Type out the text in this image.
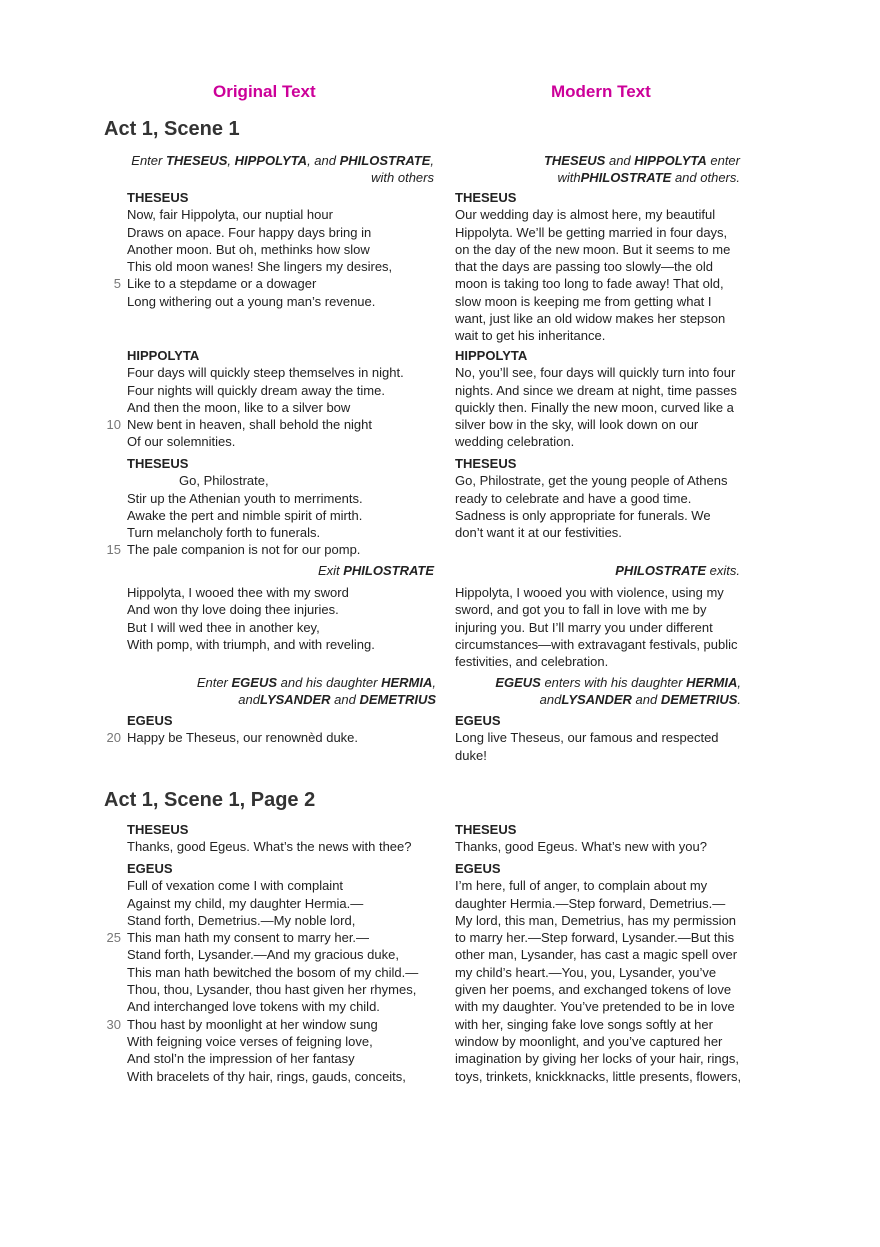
Original Text	Modern Text
Act 1, Scene 1
Enter THESEUS, HIPPOLYTA, and PHILOSTRATE,
with others
THESEUS and HIPPOLYTA enter
withPHILOSTRATE and others.
THESEUS
Now, fair Hippolyta, our nuptial hour
Draws on apace. Four happy days bring in
Another moon. But oh, methinks how slow
This old moon wanes! She lingers my desires,
5 Like to a stepdame or a dowager
Long withering out a young man’s revenue.
THESEUS
Our wedding day is almost here, my beautiful
Hippolyta. We’ll be getting married in four days,
on the day of the new moon. But it seems to me
that the days are passing too slowly—the old
moon is taking too long to fade away! That old,
slow moon is keeping me from getting what I
want, just like an old widow makes her stepson
wait to get his inheritance.
HIPPOLYTA
Four days will quickly steep themselves in night.
Four nights will quickly dream away the time.
And then the moon, like to a silver bow
10 New bent in heaven, shall behold the night
Of our solemnities.
HIPPOLYTA
No, you’ll see, four days will quickly turn into four
nights. And since we dream at night, time passes
quickly then. Finally the new moon, curved like a
silver bow in the sky, will look down on our
wedding celebration.
THESEUS
Go, Philostrate,
Stir up the Athenian youth to merriments.
Awake the pert and nimble spirit of mirth.
Turn melancholy forth to funerals.
15 The pale companion is not for our pomp.
THESEUS
Go, Philostrate, get the young people of Athens
ready to celebrate and have a good time.
Sadness is only appropriate for funerals. We
don’t want it at our festivities.
Exit PHILOSTRATE	PHILOSTRATE exits.
Hippolyta, I wooed thee with my sword
And won thy love doing thee injuries.
But I will wed thee in another key,
With pomp, with triumph, and with reveling.
Hippolyta, I wooed you with violence, using my
sword, and got you to fall in love with me by
injuring you. But I’ll marry you under different
circumstances—with extravagant festivals, public
festivities, and celebration.
Enter EGEUS and his daughter HERMIA,
andLYSANDER and DEMETRIUS
EGEUS enters with his daughter HERMIA,
andLYSANDER and DEMETRIUS.
EGEUS
20 Happy be Theseus, our renownèd duke.
EGEUS
Long live Theseus, our famous and respected
duke!
Act 1, Scene 1, Page 2
THESEUS
Thanks, good Egeus. What’s the news with thee?
THESEUS
Thanks, good Egeus. What’s new with you?
EGEUS
Full of vexation come I with complaint
Against my child, my daughter Hermia.—
Stand forth, Demetrius.—My noble lord,
25 This man hath my consent to marry her.—
Stand forth, Lysander.—And my gracious duke,
This man hath bewitched the bosom of my child.—
Thou, thou, Lysander, thou hast given her rhymes,
And interchanged love tokens with my child.
30 Thou hast by moonlight at her window sung
With feigning voice verses of feigning love,
And stol’n the impression of her fantasy
With bracelets of thy hair, rings, gauds, conceits,
EGEUS
I’m here, full of anger, to complain about my
daughter Hermia.—Step forward, Demetrius.—
My lord, this man, Demetrius, has my permission
to marry her.—Step forward, Lysander.—But this
other man, Lysander, has cast a magic spell over
my child’s heart.—You, you, Lysander, you’ve
given her poems, and exchanged tokens of love
with my daughter. You’ve pretended to be in love
with her, singing fake love songs softly at her
window by moonlight, and you’ve captured her
imagination by giving her locks of your hair, rings,
toys, trinkets, knickknacks, little presents, flowers,
